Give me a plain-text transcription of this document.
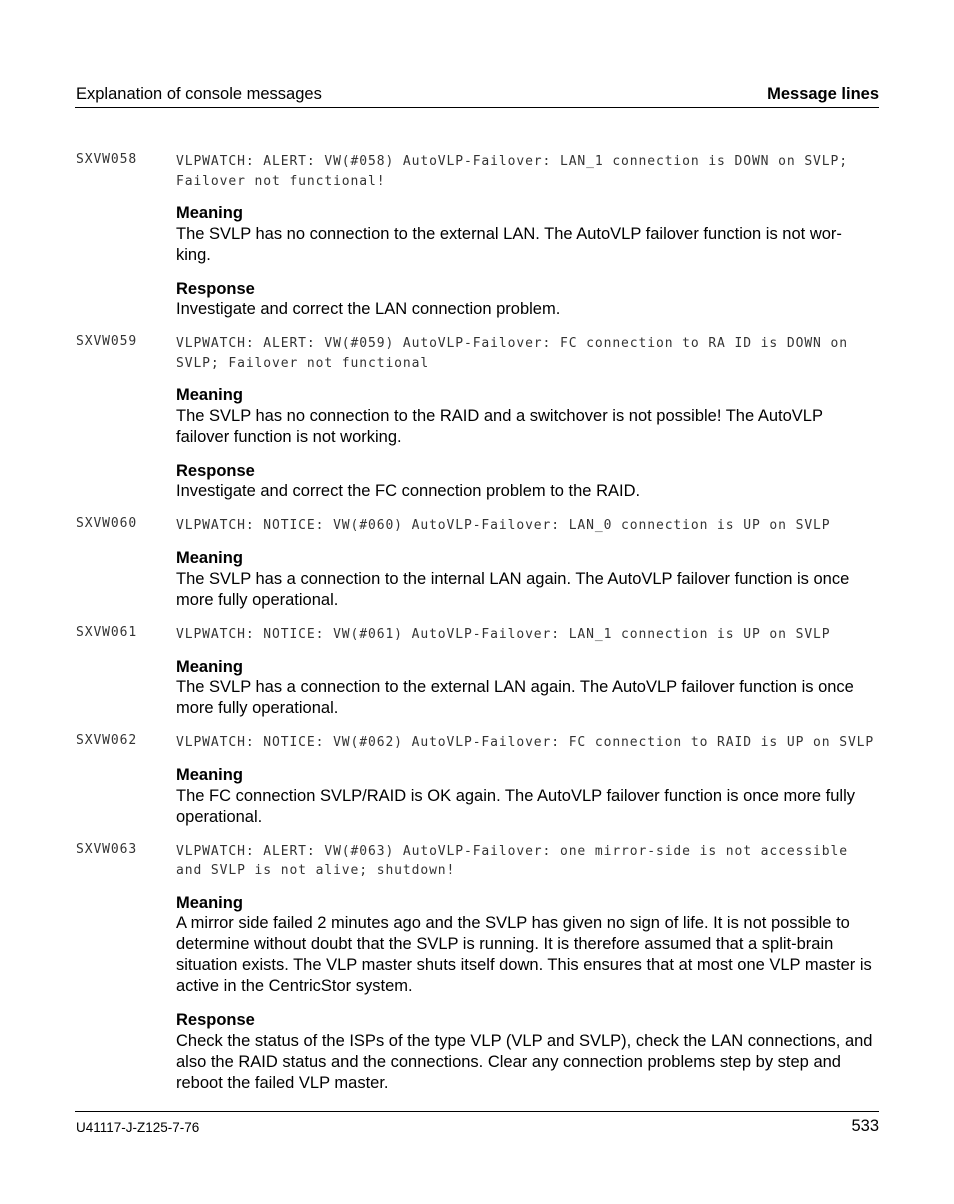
Explanation of console messages	Message lines
SXVW058	VLPWATCH: ALERT: VW(#058) AutoVLP-Failover: LAN_1 connection is DOWN on SVLP;
Failover not functional!
Meaning
The SVLP has no connection to the external LAN. The AutoVLP failover function is not wor-
king.
Response
Investigate and correct the LAN connection problem.
SXVW059	VLPWATCH: ALERT: VW(#059) AutoVLP-Failover: FC connection to RA ID is DOWN on
SVLP; Failover not functional
Meaning
The SVLP has no connection to the RAID and a switchover is not possible! The AutoVLP failover function is not working.
Response
Investigate and correct the FC connection problem to the RAID.
SXVW060	VLPWATCH: NOTICE: VW(#060) AutoVLP-Failover: LAN_0 connection is UP on SVLP
Meaning
The SVLP has a connection to the internal LAN again. The AutoVLP failover function is once more fully operational.
SXVW061	VLPWATCH: NOTICE: VW(#061) AutoVLP-Failover: LAN_1 connection is UP on SVLP
Meaning
The SVLP has a connection to the external LAN again. The AutoVLP failover function is once more fully operational.
SXVW062	VLPWATCH: NOTICE: VW(#062) AutoVLP-Failover: FC connection to RAID is UP on SVLP
Meaning
The FC connection SVLP/RAID is OK again. The AutoVLP failover function is once more fully operational.
SXVW063	VLPWATCH: ALERT: VW(#063) AutoVLP-Failover: one mirror-side is not accessible
and SVLP is not alive; shutdown!
Meaning
A mirror side failed 2 minutes ago and the SVLP has given no sign of life. It is not possible to determine without doubt that the SVLP is running. It is therefore assumed that a split-brain situation exists. The VLP master shuts itself down. This ensures that at most one VLP master is active in the CentricStor system.
Response
Check the status of the ISPs of the type VLP (VLP and SVLP), check the LAN connections, and also the RAID status and the connections. Clear any connection problems step by step and reboot the failed VLP master.
U41117-J-Z125-7-76	533
